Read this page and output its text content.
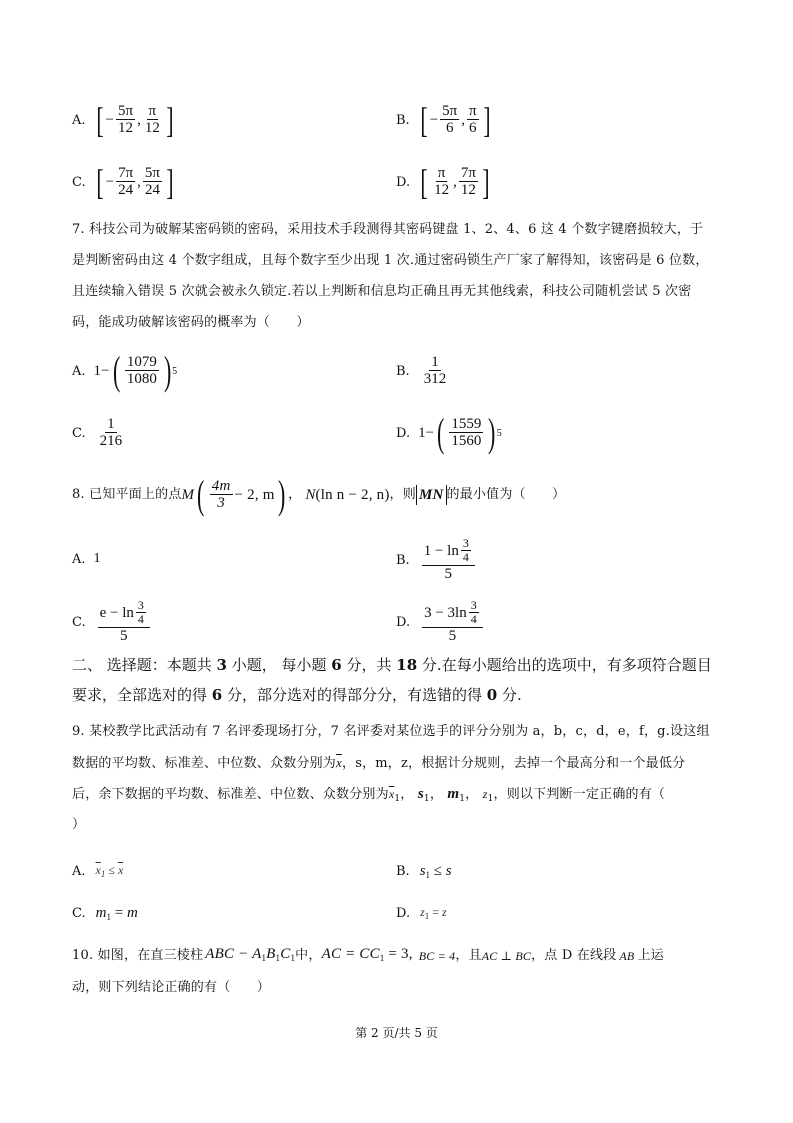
A. [ − $\frac{5\pi}{12}$ , $\frac{\pi}{12}$ ]	B. [ − $\frac{5\pi}{6}$ , $\frac{\pi}{6}$ ]
C. [ − $\frac{7\pi}{24}$ , $\frac{5\pi}{24}$ ]	D. [ $\frac{\pi}{12}$ , $\frac{7\pi}{12}$ ]
7. 科技公司为破解某密码锁的密码，采用技术手段测得其密码键盘 1、2、4、6 这 4 个数字键磨损较大，于
是判断密码由这 4 个数字组成，且每个数字至少出现 1 次.通过密码锁生产厂家了解得知，该密码是 6 位数，
且连续输入错误 5 次就会被永久锁定.若以上判断和信息均正确且再无其他线索，科技公司随机尝试 5 次密
码，能成功破解该密码的概率为（　　）
A. 1− ( $\frac{1079}{1080}$ ) 5	B. $\frac{1}{312}$
C. $\frac{1}{216}$	D. 1− ( $\frac{1559}{1560}$ ) 5
8. 已知平面上的点 M ( $\frac{4m}{3} - 2$, m ) ， N(ln n − 2, n) ，则 MN 的最小值为（　　）
A. 1	B. $\frac{1 - \ln \frac{3}{4}}{5}$
C. $\frac{e - \ln \frac{3}{4}}{5}$	D. $\frac{3 - 3\ln \frac{3}{4}}{5}$
二、 选择题：本题共 3 小题， 每小题 6 分，共 18 分.在每小题给出的选项中，有多项符合题目
要求，全部选对的得 6 分，部分选对的得部分分，有选错的得 0 分.
9. 某校教学比武活动有 7 名评委现场打分，7 名评委对某位选手的评分分别为 a，b，c，d，e，f，g.设这组
数据的平均数、标准差、中位数、众数分别为$\overline{x}$，s，m，z，根据计分规则，去掉一个最高分和一个最低分
后，余下数据的平均数、标准差、中位数、众数分别为$\overline{x}_1$， $s_1$， $m_1$， $z_1$，则以下判断一定正确的有（
）
A. $\overline{x}_1 \le \overline{x}$	B. $s_1 \le s$
C. $m_1 = m$	D. $z_1 = z$
10. 如图，在直三棱柱 ABC − $A_1B_1C_1$ 中， AC = $CC_1 = 3$, BC = 4 ，且 AC ⊥ BC ，点 D 在线段 AB 上运
动，则下列结论正确的有（　　）
第 2 页/共 5 页
